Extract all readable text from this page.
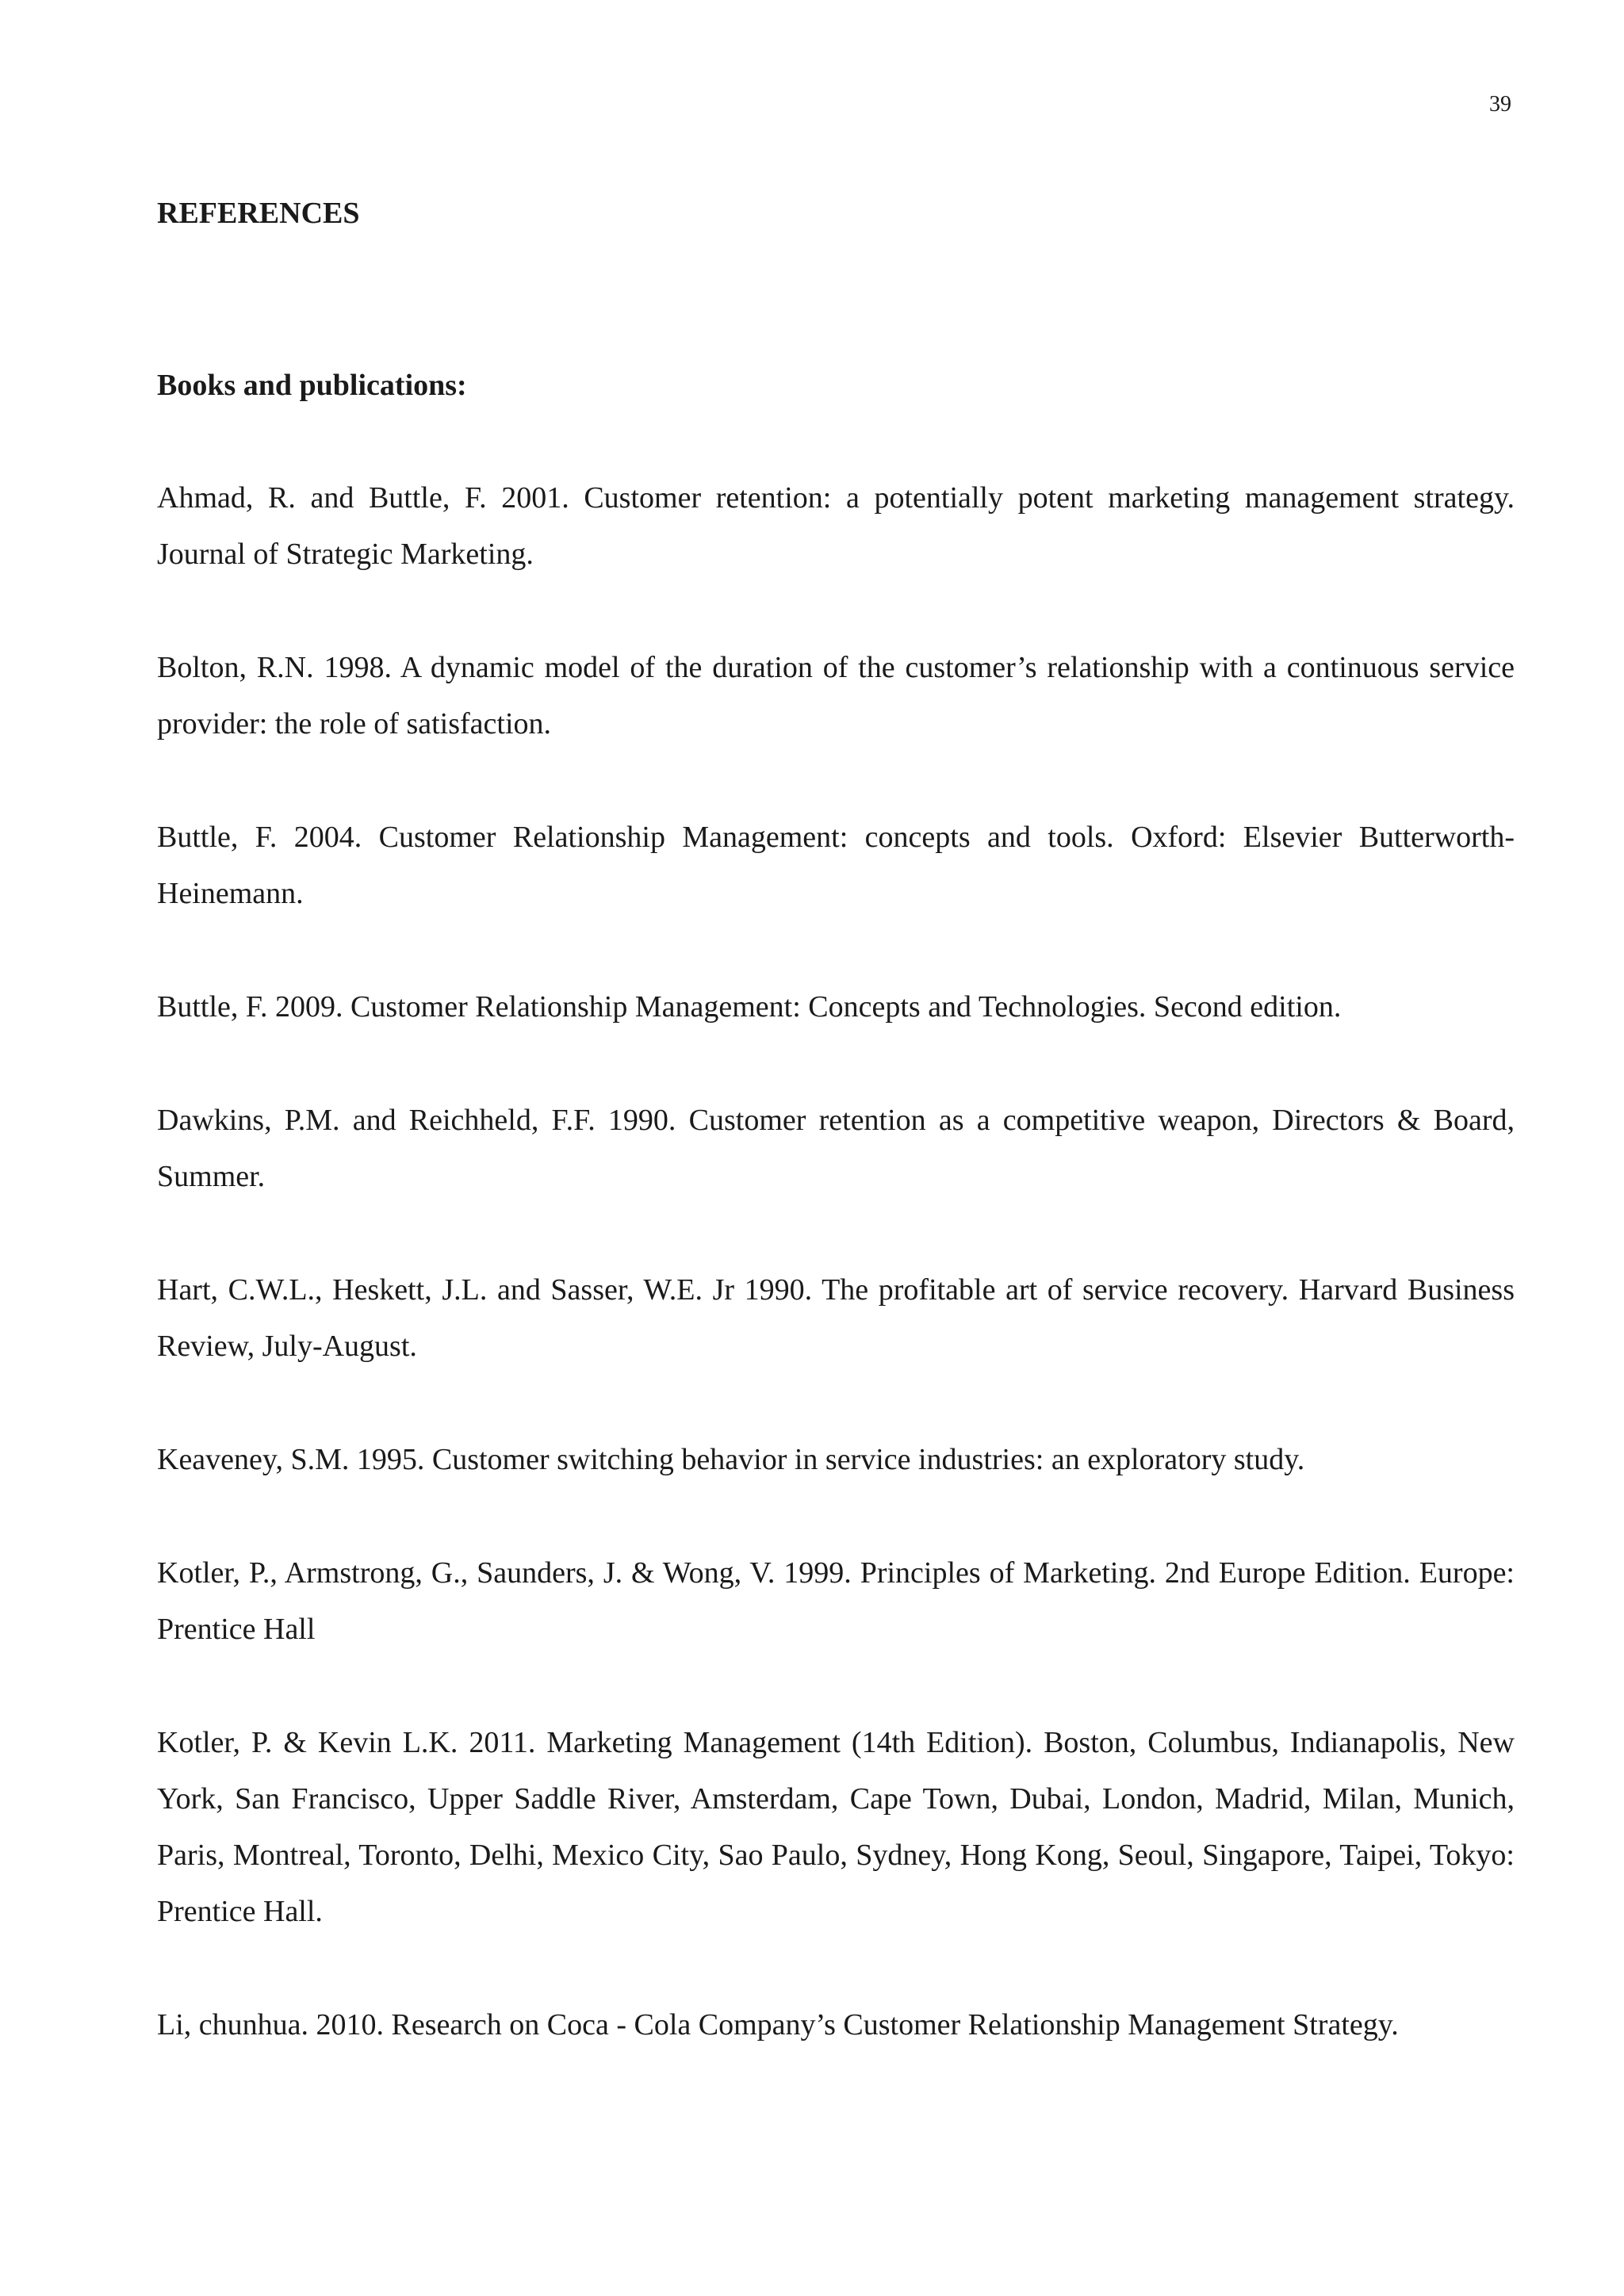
39
REFERENCES
Books and publications:
Ahmad, R. and Buttle, F. 2001. Customer retention: a potentially potent marketing management strategy. Journal of Strategic Marketing.
Bolton, R.N. 1998. A dynamic model of the duration of the customer’s relationship with a continuous service provider: the role of satisfaction.
Buttle, F. 2004. Customer Relationship Management: concepts and tools. Oxford: Elsevier Butterworth-Heinemann.
Buttle, F. 2009. Customer Relationship Management: Concepts and Technologies. Second edition.
Dawkins, P.M. and Reichheld, F.F. 1990. Customer retention as a competitive weapon, Directors & Board, Summer.
Hart, C.W.L., Heskett, J.L. and Sasser, W.E. Jr 1990. The profitable art of service recovery. Harvard Business Review, July-August.
Keaveney, S.M. 1995. Customer switching behavior in service industries: an exploratory study.
Kotler, P., Armstrong, G., Saunders, J. & Wong, V. 1999. Principles of Marketing. 2nd Europe Edition. Europe: Prentice Hall
Kotler, P. & Kevin L.K. 2011. Marketing Management (14th Edition). Boston, Columbus, Indianapolis, New York, San Francisco, Upper Saddle River, Amsterdam, Cape Town, Dubai, London, Madrid, Milan, Munich, Paris, Montreal, Toronto, Delhi, Mexico City, Sao Paulo, Sydney, Hong Kong, Seoul, Singapore, Taipei, Tokyo: Prentice Hall.
Li, chunhua. 2010. Research on Coca - Cola Company’s Customer Relationship Management Strategy.
